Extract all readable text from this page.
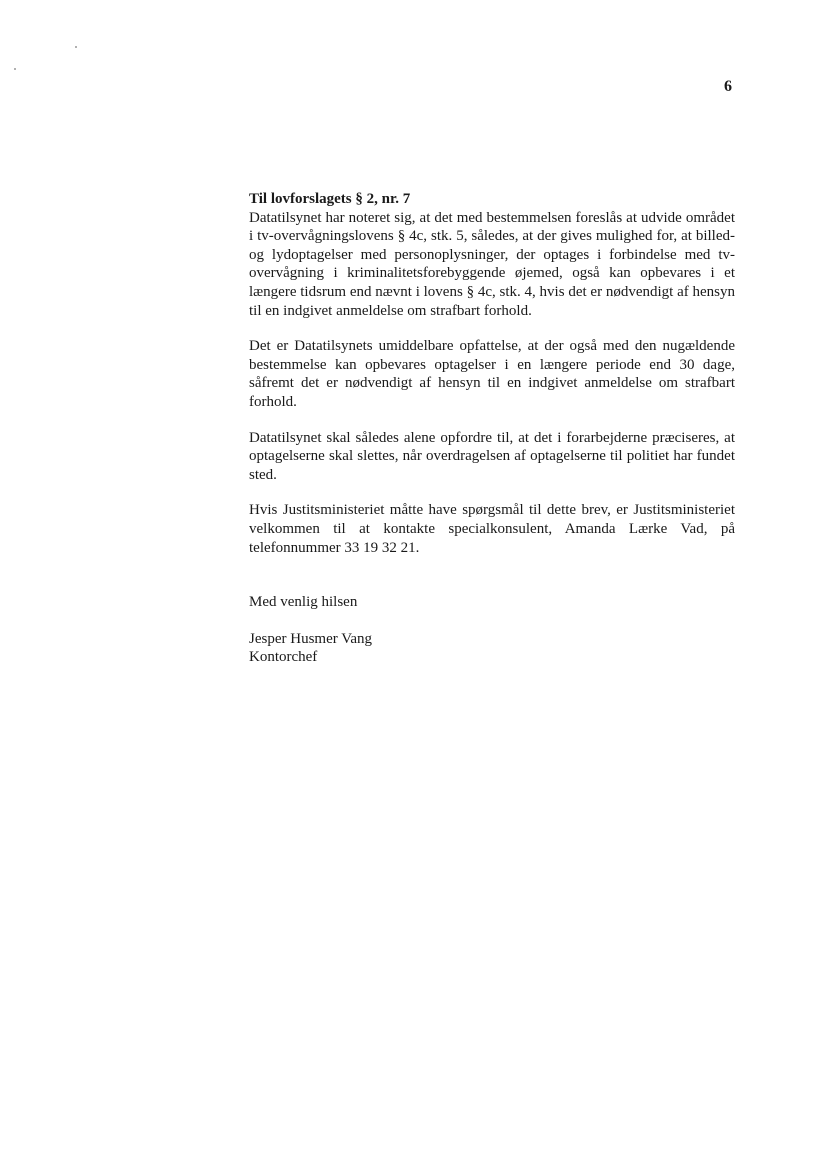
6

Til lovforslagets § 2, nr. 7
Datatilsynet har noteret sig, at det med bestemmelsen foreslås at udvide området i tv-overvågningslovens § 4c, stk. 5, således, at der gives mulighed for, at billed- og lydoptagelser med personoplysninger, der optages i forbindelse med tv-overvågning i kriminalitetsforebyggende øjemed, også kan opbevares i et længere tidsrum end nævnt i lovens § 4c, stk. 4, hvis det er nødvendigt af hensyn til en indgivet anmeldelse om strafbart forhold.

Det er Datatilsynets umiddelbare opfattelse, at der også med den nugældende bestemmelse kan opbevares optagelser i en længere periode end 30 dage, såfremt det er nødvendigt af hensyn til en indgivet anmeldelse om strafbart forhold.

Datatilsynet skal således alene opfordre til, at det i forarbejderne præciseres, at optagelserne skal slettes, når overdragelsen af optagelserne til politiet har fundet sted.

Hvis Justitsministeriet måtte have spørgsmål til dette brev, er Justitsministeriet velkommen til at kontakte specialkonsulent, Amanda Lærke Vad, på telefonnummer 33 19 32 21.

Med venlig hilsen

Jesper Husmer Vang
Kontorchef
